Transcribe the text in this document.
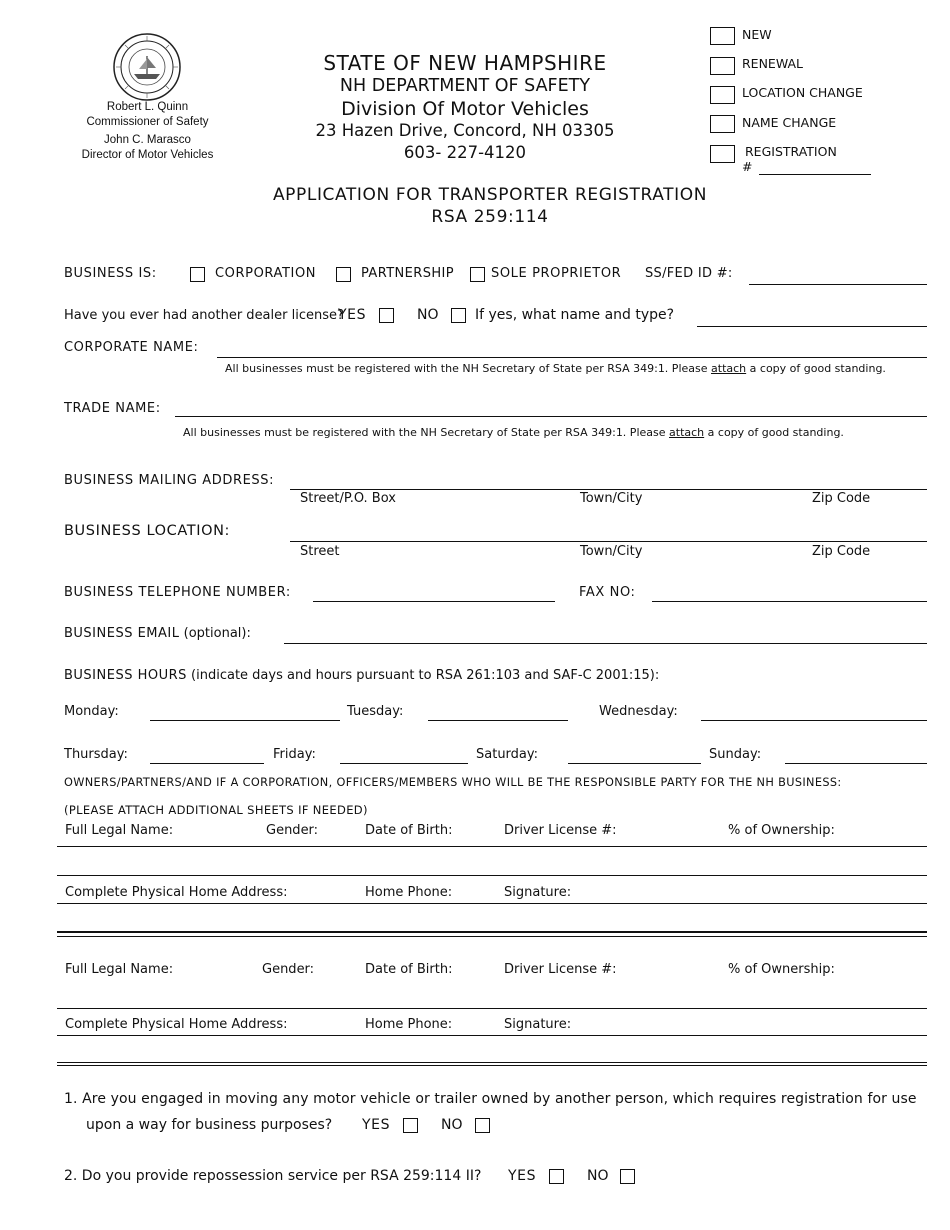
Robert L. Quinn
Commissioner of Safety
John C. Marasco
Director of Motor Vehicles
STATE OF NEW HAMPSHIRE
NH DEPARTMENT OF SAFETY
Division Of Motor Vehicles
23 Hazen Drive, Concord, NH 03305
603- 227-4120
NEW
RENEWAL
LOCATION CHANGE
NAME CHANGE
REGISTRATION
#
APPLICATION FOR TRANSPORTER REGISTRATION
RSA 259:114
BUSINESS IS:	CORPORATION	PARTNERSHIP	SOLE PROPRIETOR SS/FED ID #:
Have you ever had another dealer license?
YES	NO	If yes, what name and type?
CORPORATE NAME:
All businesses must be registered with the NH Secretary of State per RSA 349:1. Please attach a copy of good standing.
TRADE NAME:
All businesses must be registered with the NH Secretary of State per RSA 349:1. Please attach a copy of good standing.
BUSINESS MAILING ADDRESS:
Street/P.O. Box	Town/City	Zip Code
BUSINESS LOCATION:
Street	Town/City	Zip Code
BUSINESS TELEPHONE NUMBER:	FAX NO:
BUSINESS EMAIL (optional):
BUSINESS HOURS (indicate days and hours pursuant to RSA 261:103 and SAF-C 2001:15):
Monday:	Tuesday:	Wednesday:
Thursday:	Friday:	Saturday:	Sunday:
OWNERS/PARTNERS/AND IF A CORPORATION, OFFICERS/MEMBERS WHO WILL BE THE RESPONSIBLE PARTY FOR THE NH BUSINESS:
(PLEASE ATTACH ADDITIONAL SHEETS IF NEEDED)
Full Legal Name:	Gender:	Date of Birth:	Driver License #:	% of Ownership:
Complete Physical Home Address:	Home Phone:	Signature:
Full Legal Name:	Gender:	Date of Birth:	Driver License #:	% of Ownership:
Complete Physical Home Address:	Home Phone:	Signature:
1. Are you engaged in moving any motor vehicle or trailer owned by another person, which requires registration for use
upon a way for business purposes? YES	NO
2. Do you provide repossession service per RSA 259:114 II? YES	NO
